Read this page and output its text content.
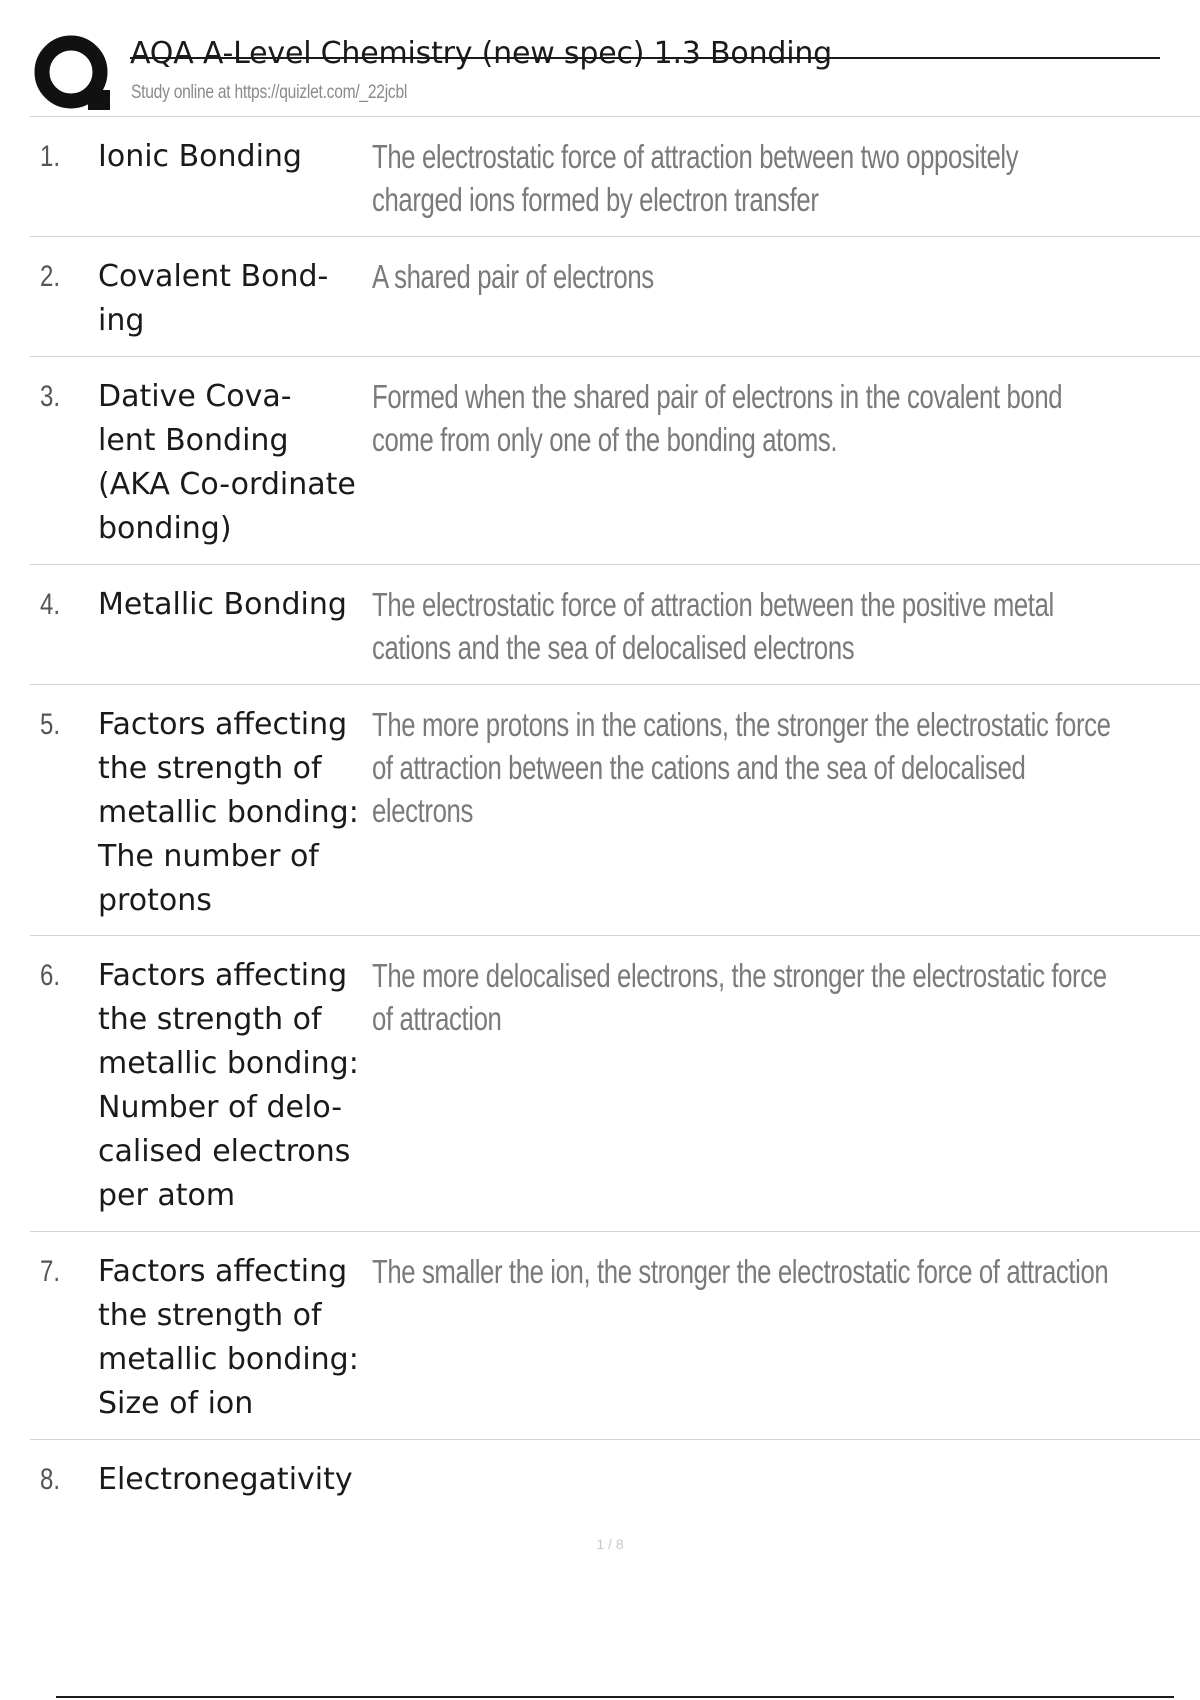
AQA A-Level Chemistry (new spec) 1.3 Bonding
Study online at https://quizlet.com/_22jcbl
1. Ionic Bonding	The electrostatic force of attraction between two oppositely charged ions formed by electron transfer
2. Covalent Bond-
ing
A shared pair of electrons
3. Dative Cova-
lent Bonding
(AKA Co-ordinate
bonding)
Formed when the shared pair of electrons in the covalent bond come from only one of the bonding atoms.
4. Metallic Bonding The electrostatic force of attraction between the positive metal cations and the sea of delocalised electrons
5. Factors affecting the strength of metallic bonding: The number of protons
The more protons in the cations, the stronger the electrostatic force of attraction between the cations and the sea of delocalised electrons
6. Factors affecting
the strength of
metallic bonding:
Number of delo-
calised electrons
per atom
The more delocalised electrons, the stronger the electrostatic force of attraction
7. Factors affecting the strength of metallic bonding: Size of ion
The smaller the ion, the stronger the electrostatic force of attraction
8. Electronegativity
1 / 8
